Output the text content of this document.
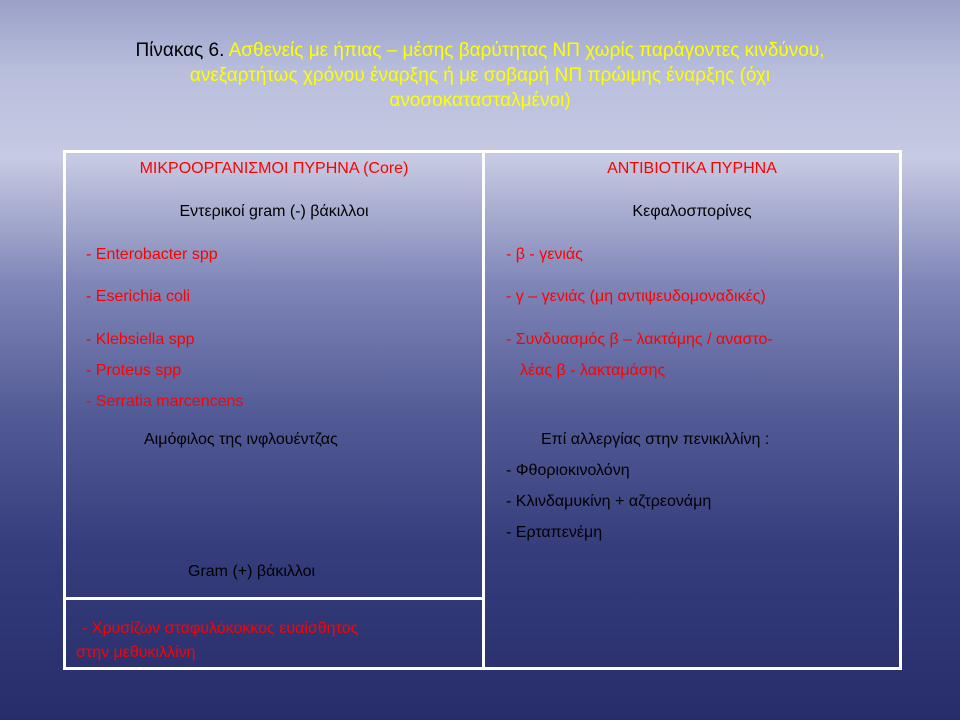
Πίνακας 6. Ασθενείς με ήπιας – μέσης βαρύτητας ΝΠ χωρίς παράγοντες κινδύνου,
ανεξαρτήτως χρόνου έναρξης ή με σοβαρή ΝΠ πρώιμης έναρξης (όχι
ανοσοκατασταλμένοι)
ΜΙΚΡΟΟΡΓΑΝΙΣΜΟΙ ΠΥΡΗΝΑ (Core)
Εντερικοί gram (-) βάκιλλοι
- Enterobacter spp
- Eserichia coli
- Klebsiella spp
- Proteus spp
- Serratia marcencens
Αιμόφιλος της ινφλουέντζας
Gram (+) βάκιλλοι
- Χρυσίζων σταφυλόκοκκος ευαίσθητος
στην μεθυκιλλίνη
ΑΝΤΙΒΙΟΤΙΚΑ ΠΥΡΗΝΑ
Κεφαλοσπορίνες
- β - γενιάς
- γ – γενιάς (μη αντιψευδομοναδικές)
- Συνδυασμός β – λακτάμης / αναστο-
λέας β - λακταμάσης
Επί αλλεργίας στην πενικιλλίνη :
- Φθοριοκινολόνη
- Κλινδαμυκίνη + αζτρεονάμη
- Ερταπενέμη
